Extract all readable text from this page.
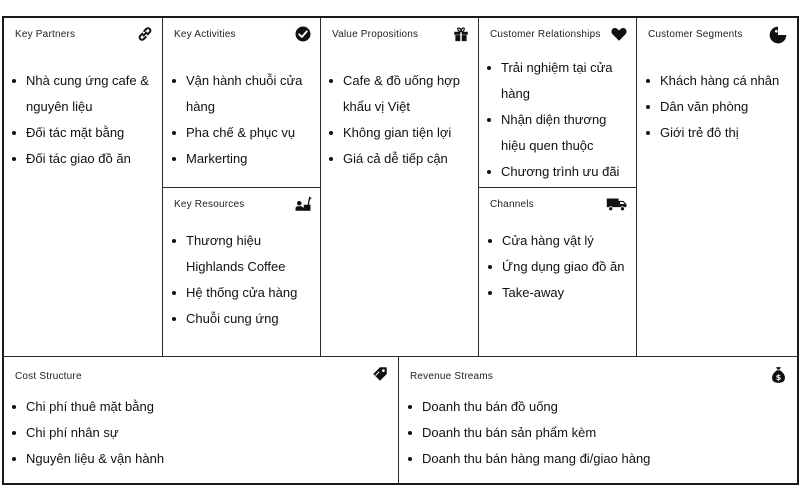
Key Partners
Nhà cung ứng cafe & nguyên liệu
Đối tác mặt bằng
Đối tác giao đồ ăn
Key Activities
Vận hành chuỗi cửa hàng
Pha chế & phục vụ
Markerting
Key Resources
Thương hiệu Highlands Coffee
Hệ thống cửa hàng
Chuỗi cung ứng
Value Propositions
Cafe & đồ uống hợp khẩu vị Việt
Không gian tiện lợi
Giá cả dễ tiếp cận
Customer Relationships
Trải nghiệm tại cửa hàng
Nhận diện thương hiệu quen thuộc
Chương trình ưu đãi
Channels
Cửa hàng vật lý
Ứng dụng giao đồ ăn
Take-away
Customer Segments
Khách hàng cá nhân
Dân văn phòng
Giới trẻ đô thị
Cost Structure
Chi phí thuê mặt bằng
Chi phí nhân sự
Nguyên liệu & vận hành
Revenue Streams	$
Doanh thu bán đồ uống
Doanh thu bán sản phẩm kèm
Doanh thu bán hàng mang đi/giao hàng
